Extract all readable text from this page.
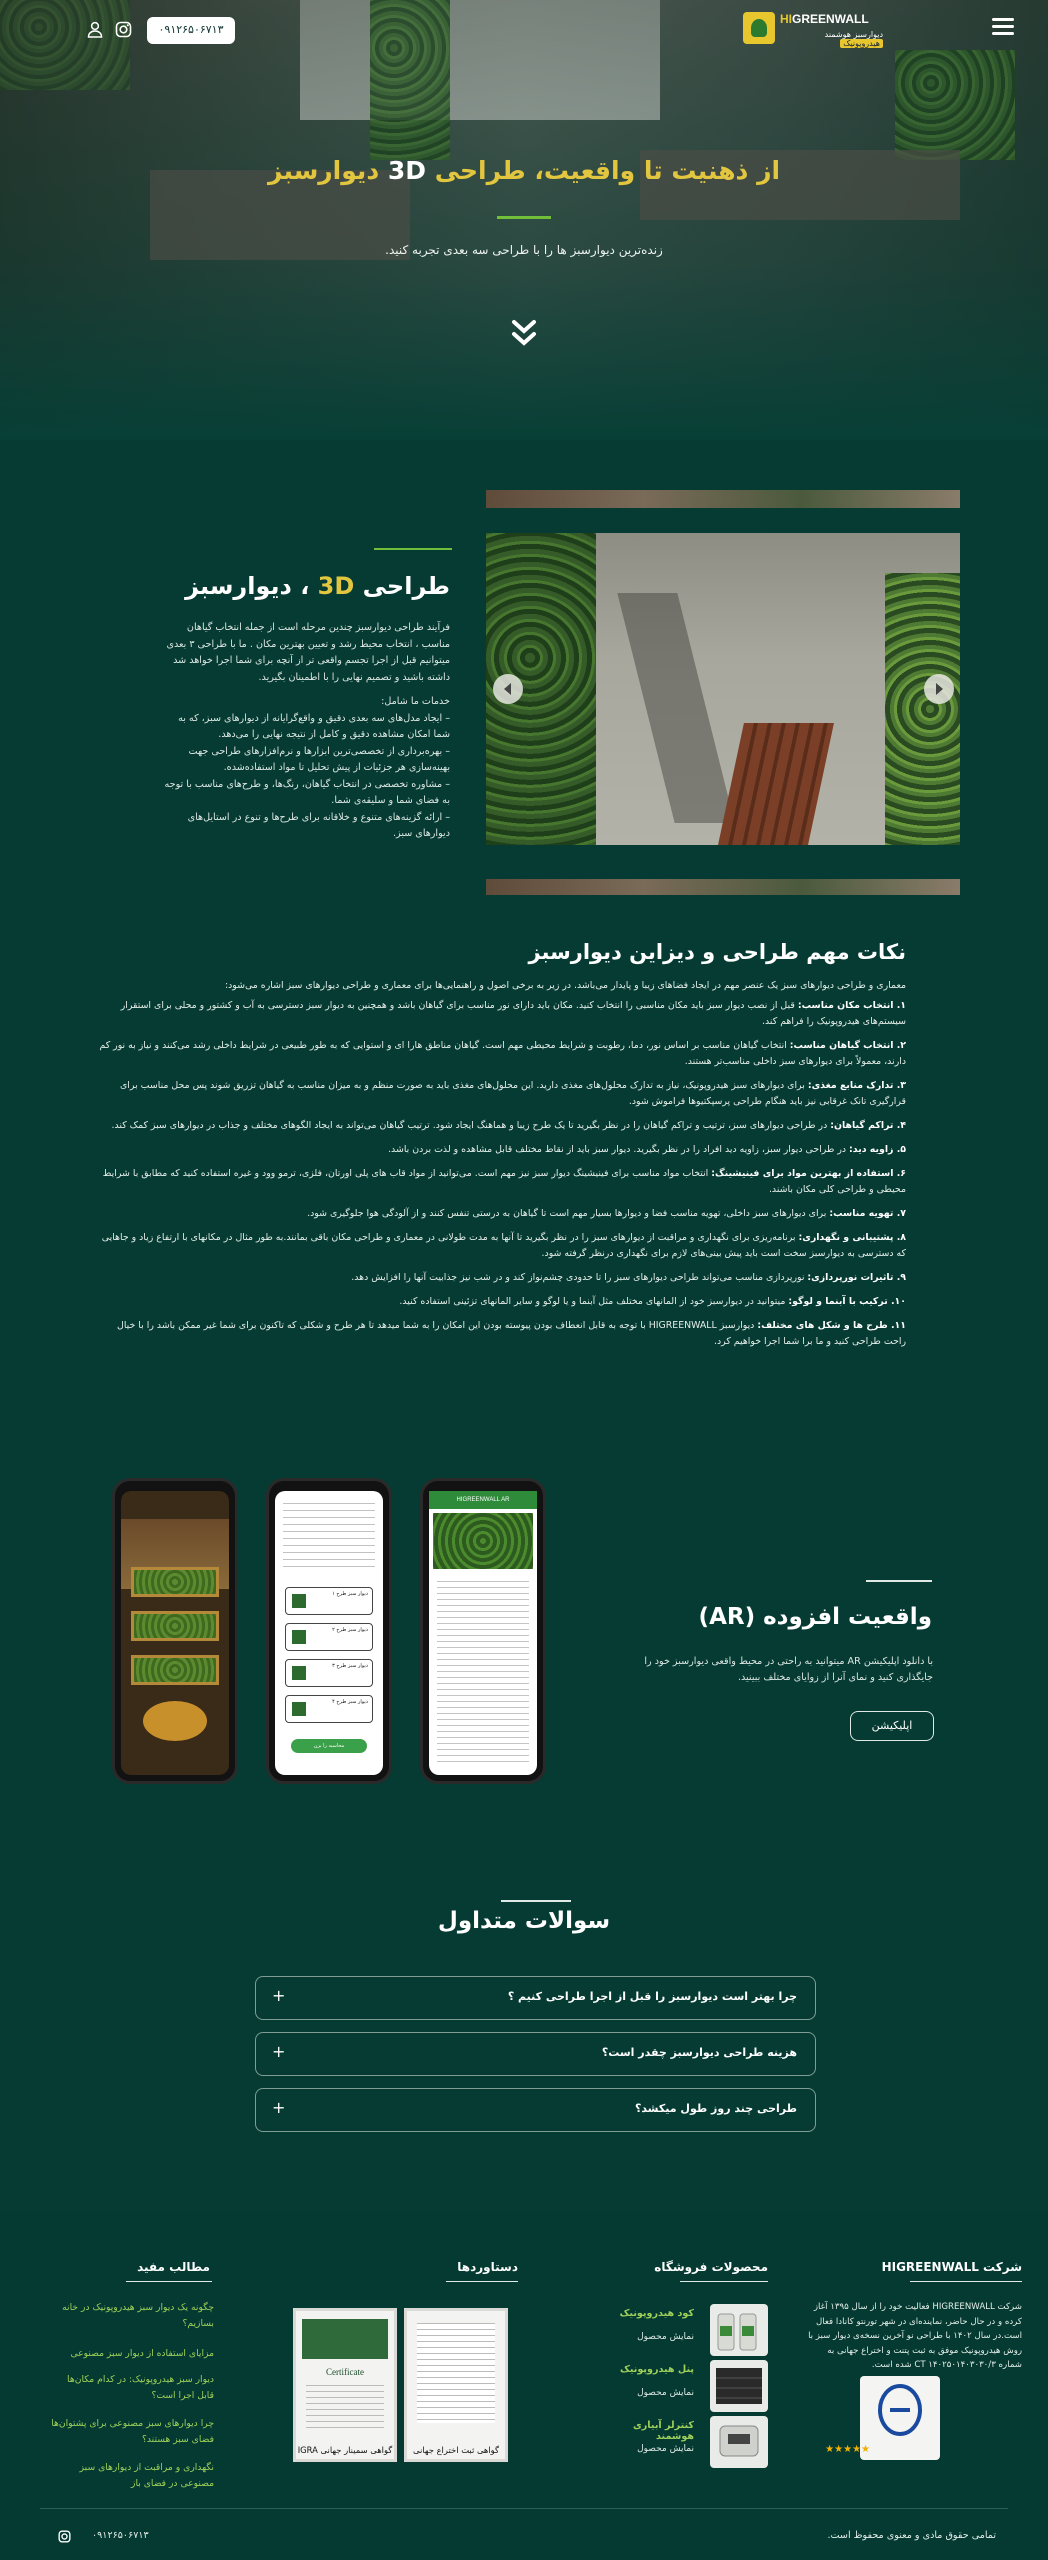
HIGREENWALL
دیوارسبز هوشمند هیدروپونیک
۰۹۱۲۶۵۰۶۷۱۳
از ذهنیت تا واقعیت، طراحی 3D دیوارسبز

زنده‌ترین دیوارسبز ها را با طراحی سه بعدی تجربه کنید.

طراحی 3D ، دیوارسبز

فرآیند طراحی دیوارسبز چندین مرحله است از جمله انتخاب گیاهان مناسب ، انتخاب محیط رشد و تعیین بهترین مکان . ما با طراحی ۳ بعدی میتوانیم قبل از اجرا تجسم واقعی تر از آنچه برای شما اجرا خواهد شد داشته باشید و تصمیم نهایی را با اطمینان بگیرید.

خدمات ما شامل:

– ایجاد مدل‌های سه بعدی دقیق و واقع‌گرایانه از دیوارهای سبز، که به شما امکان مشاهده دقیق و کامل از نتیجه نهایی را می‌دهد.

– بهره‌برداری از تخصصی‌ترین ابزارها و نرم‌افزارهای طراحی جهت بهینه‌سازی هر جزئیات از پیش تحلیل تا مواد استفاده‌شده.

– مشاوره تخصصی در انتخاب گیاهان، رنگ‌ها، و طرح‌های مناسب با توجه به فضای شما و سلیقه‌ی شما.

– ارائه گزینه‌های متنوع و خلاقانه برای طرح‌ها و تنوع در استایل‌های دیوارهای سبز.

نکات مهم طراحی و دیزاین دیوارسبز
معماری و طراحی دیوارهای سبز یک عنصر مهم در ایجاد فضاهای زیبا و پایدار می‌باشد. در زیر به برخی اصول و راهنمایی‌ها برای معماری و طراحی دیوارهای سبز اشاره می‌شود:
۱. انتخاب مکان مناسب: قبل از نصب دیوار سبز باید مکان مناسبی را انتخاب کنید. مکان باید دارای نور مناسب برای گیاهان باشد و همچنین به دیوار سبز دسترسی به آب و کشتور و محلی برای استقرار سیستم‌های هیدروپونیک را فراهم کند.
۲. انتخاب گیاهان مناسب: انتخاب گیاهان مناسب بر اساس نور، دما، رطوبت و شرایط محیطی مهم است. گیاهان مناطق هارا ای و استوایی که به طور طبیعی در شرایط داخلی رشد می‌کنند و نیاز به نور کم دارند، معمولاً برای دیوارهای سبز داخلی مناسب‌تر هستند.
۳. تدارک منابع مغذی: برای دیوارهای سبز هیدروپونیک، نیاز به تدارک محلول‌های مغذی دارید. این محلول‌های مغذی باید به صورت منظم و به میزان مناسب به گیاهان تزریق شوند پس محل مناسب برای قرارگیری تانک غرقابی نیز باید هنگام طراحی پرسپکتیوها فراموش شود.
۴. تراکم گیاهان: در طراحی دیوارهای سبز، ترتیب و تراکم گیاهان را در نظر بگیرید تا یک طرح زیبا و هماهنگ ایجاد شود. ترتیب گیاهان می‌تواند به ایجاد الگوهای مختلف و جذاب در دیوارهای سبز کمک کند.
۵. زاویه دید: در طراحی دیوار سبز، زاویه دید افراد را در نظر بگیرید. دیوار سبز باید از نقاط مختلف قابل مشاهده و لذت بردن باشد.
۶. استفاده از بهترین مواد برای فینیشینگ: انتخاب مواد مناسب برای فینیشینگ دیوار سبز نیز مهم است. می‌توانید از مواد قاب های پلی اورتان، فلزی، ترمو وود و غیره استفاده کنید که مطابق با شرایط محیطی و طراحی کلی مکان باشند.
۷. تهویه مناسب: برای دیوارهای سبز داخلی، تهویه مناسب فضا و دیوارها بسیار مهم است تا گیاهان به درستی تنفس کنند و از آلودگی هوا جلوگیری شود.
۸. پشتیبانی و نگهداری: برنامه‌ریزی برای نگهداری و مراقبت از دیوارهای سبز را در نظر بگیرید تا آنها به مدت طولانی در معماری و طراحی مکان باقی بمانند.به طور مثال در مکانهای با ارتفاع زیاد و جاهایی که دسترسی به دیوارسبز سخت است باید پیش بینی‌های لازم برای نگهداری درنظر گرفته شود.
۹. تاثیرات نورپردازی: نورپردازی مناسب می‌تواند طراحی دیوارهای سبز را تا حدودی چشم‌نواز کند و در شب نیز جذابیت آنها را افزایش دهد.
۱۰. ترکیب با آبنما و لوگو: میتوانید در دیوارسبز خود از المانهای مختلف مثل آبنما و یا لوگو و سایر المانهای تزئینی استفاده کنید.
۱۱. طرح ها و شکل های مختلف: دیوارسبز HIGREENWALL با توجه به قابل انعطاف بودن پیوسته بودن این امکان را به شما میدهد تا هر طرح و شکلی که تاکنون برای شما غیر ممکن باشد را با خیال راحت طراحی کنید و ما برا شما اجرا خواهیم کرد.
واقعیت افزوده (AR)

با دانلود اپلیکیشن AR میتوانید به راحتی در محیط واقعی دیوارسبز خود را جایگذاری کنید و نمای آنرا از زوایای مختلف ببینید.

اپلیکیشن
دیوار سبز طرح ۱
دیوار سبز طرح ۲
دیوار سبز طرح ۳
دیوار سبز طرح ۴
محاسبه را بزن
HIGREENWALL AR
سوالات متداول
چرا بهتر است دیوارسبز را قبل از اجرا طراحی کنیم ؟
+
هزینه طراحی دیوارسبز چقدر است؟
+
طراحی چند روز طول میکشد؟
+
شرکت HIGREENWALL
محصولات فروشگاه
دستاوردها
مطالب مفید

شرکت HIGREENWALL فعالیت خود را از سال ۱۳۹۵ آغاز کرده و در حال حاضر، نماینده‌ای در شهر تورنتو کانادا فعال است.در سال ۱۴۰۲ با طراحی نو آخرین نسخه‌ی دیوار سبز با روش هیدروپونیک موفق به ثبت پتنت و اختراع جهانی به شماره ۱۴۰۲۵۰۱۴۰۳۰۳۰/۳ CT شده است.

★★★★★
کود هیدروپونیک
نمایش محصول
پنل هیدروپونیک
نمایش محصول
کنترلر آبیاری هوشمند
نمایش محصول
گواهی ثبت اختراع جهانی
Certificate
گواهی سمینار جهانی IGRA
چگونه یک دیوار سبز هیدروپونیک در خانه بسازیم؟
مزایای استفاده از دیوار سبز مصنوعی
دیوار سبز هیدروپونیک: در کدام مکان‌ها قابل اجرا است؟
چرا دیوارهای سبز مصنوعی برای پشتوان‌ها فضای سبز هستند؟
نگهداری و مراقبت از دیوارهای سبز مصنوعی در فضای باز
تمامی حقوق مادی و معنوی محفوظ است.
۰۹۱۲۶۵۰۶۷۱۳
